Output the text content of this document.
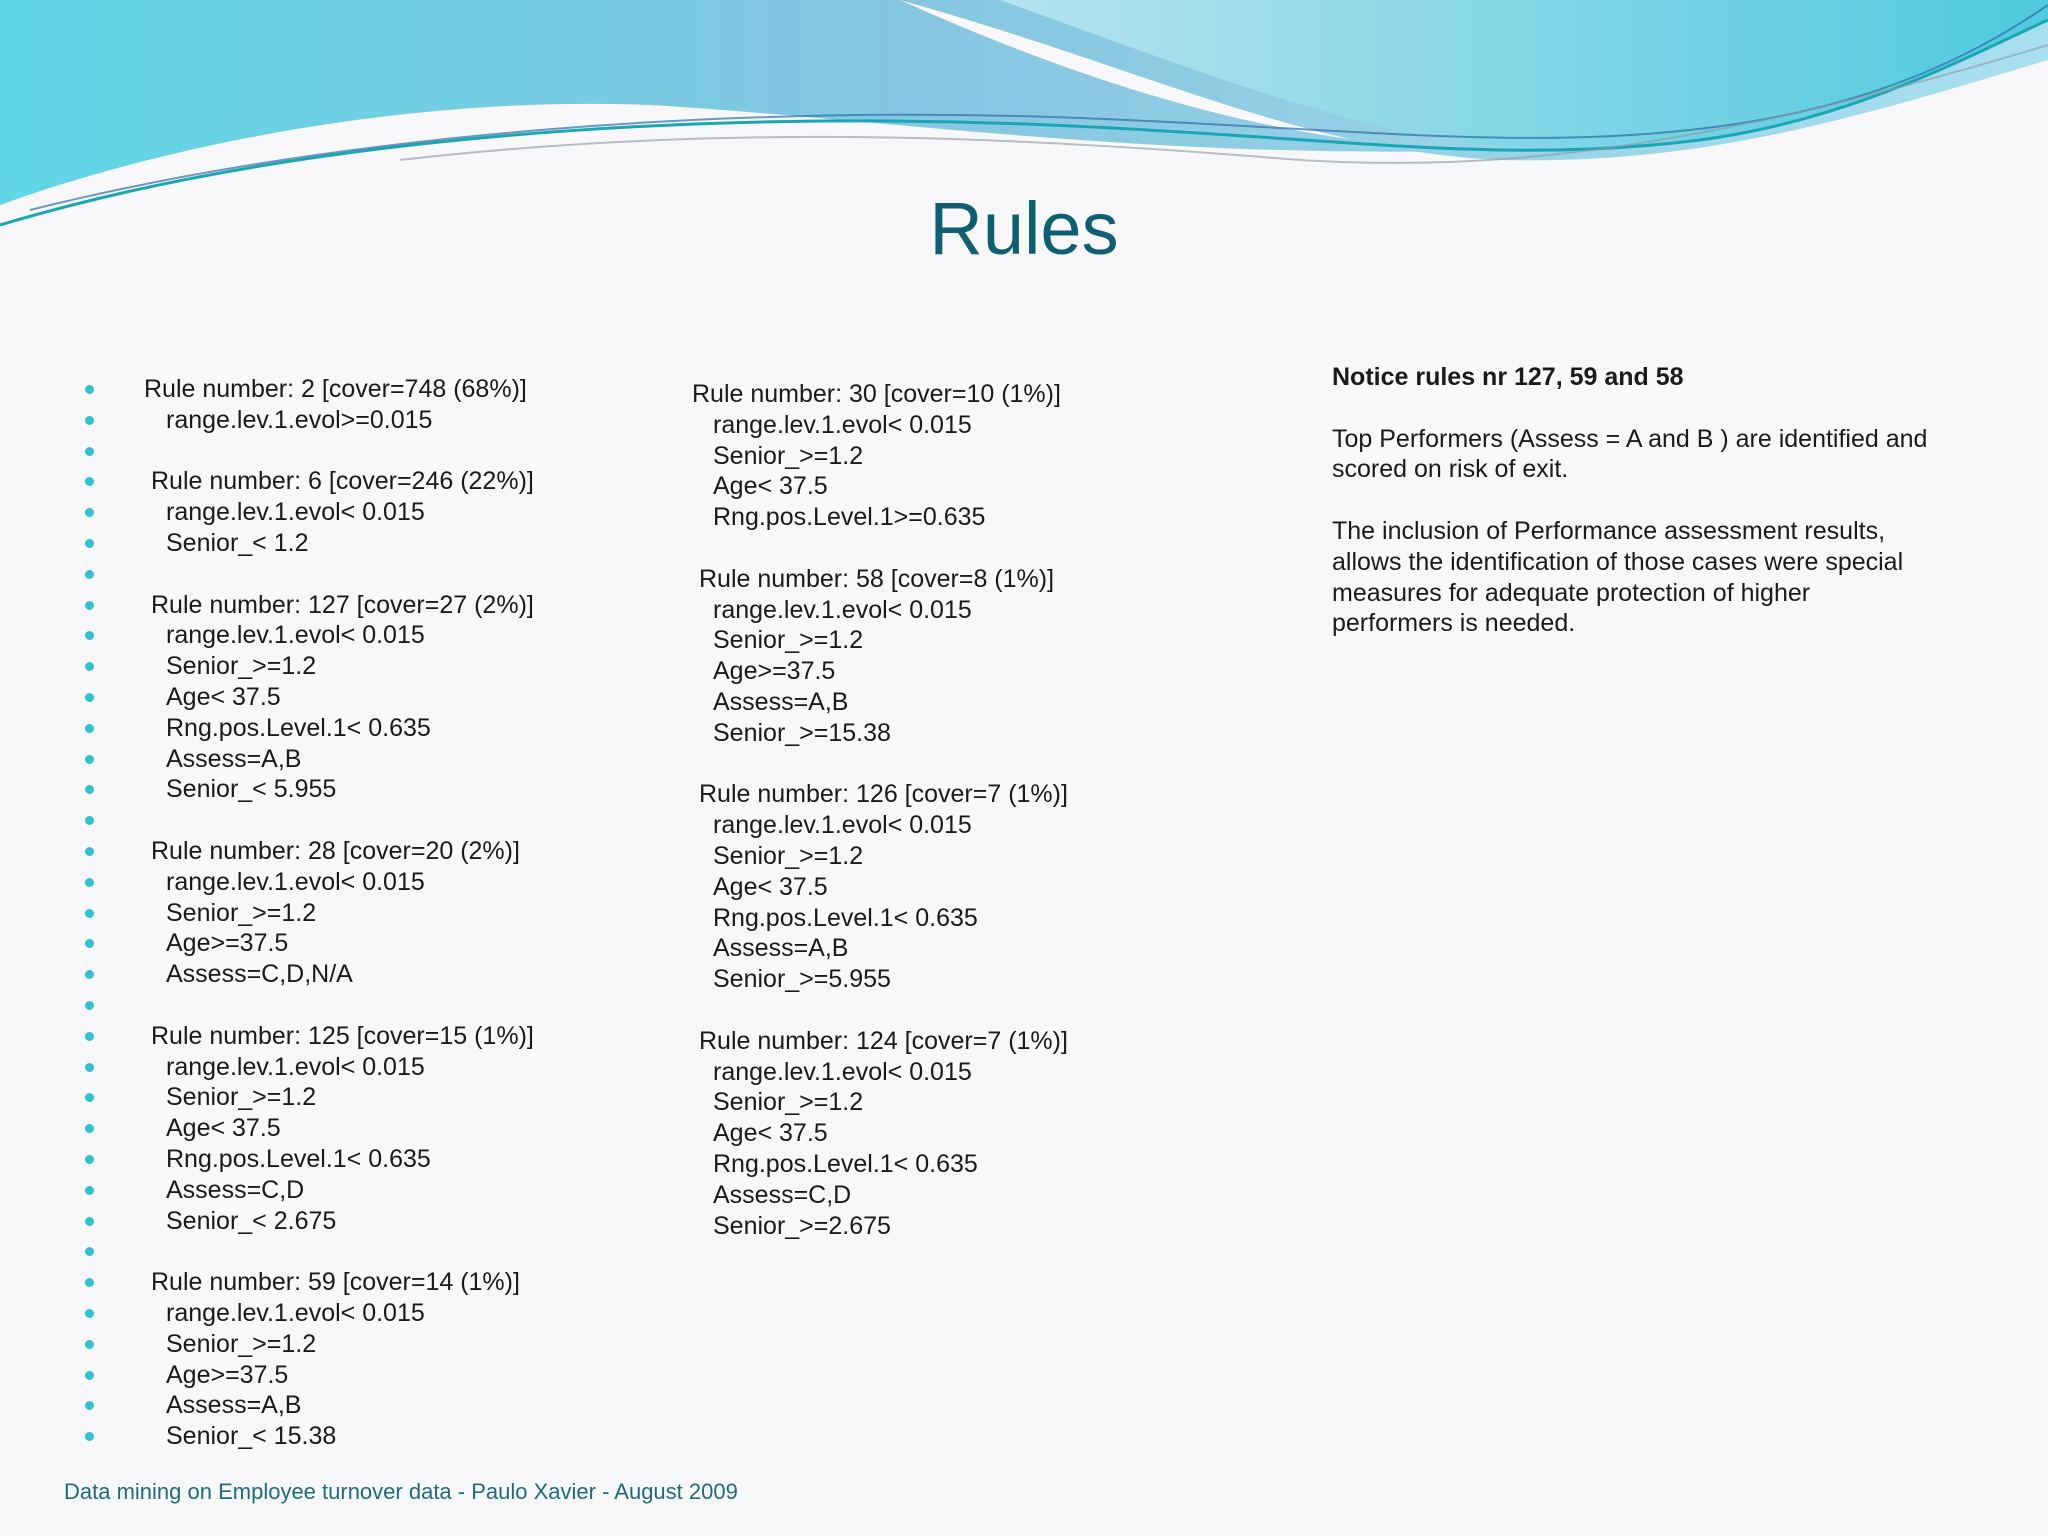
Rules
Rule number: 2 [cover=748 (68%)]
range.lev.1.evol>=0.015
Rule number: 6 [cover=246 (22%)]
range.lev.1.evol< 0.015
Senior_< 1.2
Rule number: 127 [cover=27 (2%)]
range.lev.1.evol< 0.015
Senior_>=1.2
Age< 37.5
Rng.pos.Level.1< 0.635
Assess=A,B
Senior_< 5.955
Rule number: 28 [cover=20 (2%)]
range.lev.1.evol< 0.015
Senior_>=1.2
Age>=37.5
Assess=C,D,N/A
Rule number: 125 [cover=15 (1%)]
range.lev.1.evol< 0.015
Senior_>=1.2
Age< 37.5
Rng.pos.Level.1< 0.635
Assess=C,D
Senior_< 2.675
Rule number: 59 [cover=14 (1%)]
range.lev.1.evol< 0.015
Senior_>=1.2
Age>=37.5
Assess=A,B
Senior_< 15.38
Rule number: 30 [cover=10 (1%)]
range.lev.1.evol< 0.015
Senior_>=1.2
Age< 37.5
Rng.pos.Level.1>=0.635
Rule number: 58 [cover=8 (1%)]
range.lev.1.evol< 0.015
Senior_>=1.2
Age>=37.5
Assess=A,B
Senior_>=15.38
Rule number: 126 [cover=7 (1%)]
range.lev.1.evol< 0.015
Senior_>=1.2
Age< 37.5
Rng.pos.Level.1< 0.635
Assess=A,B
Senior_>=5.955
Rule number: 124 [cover=7 (1%)]
range.lev.1.evol< 0.015
Senior_>=1.2
Age< 37.5
Rng.pos.Level.1< 0.635
Assess=C,D
Senior_>=2.675

Notice rules nr 127, 59 and 58

Top Performers (Assess = A and B ) are identified and scored on risk of exit.

The inclusion of Performance assessment results, allows the identification of those cases were special measures for adequate protection of higher performers is needed.

Data mining on Employee turnover data - Paulo Xavier - August 2009
